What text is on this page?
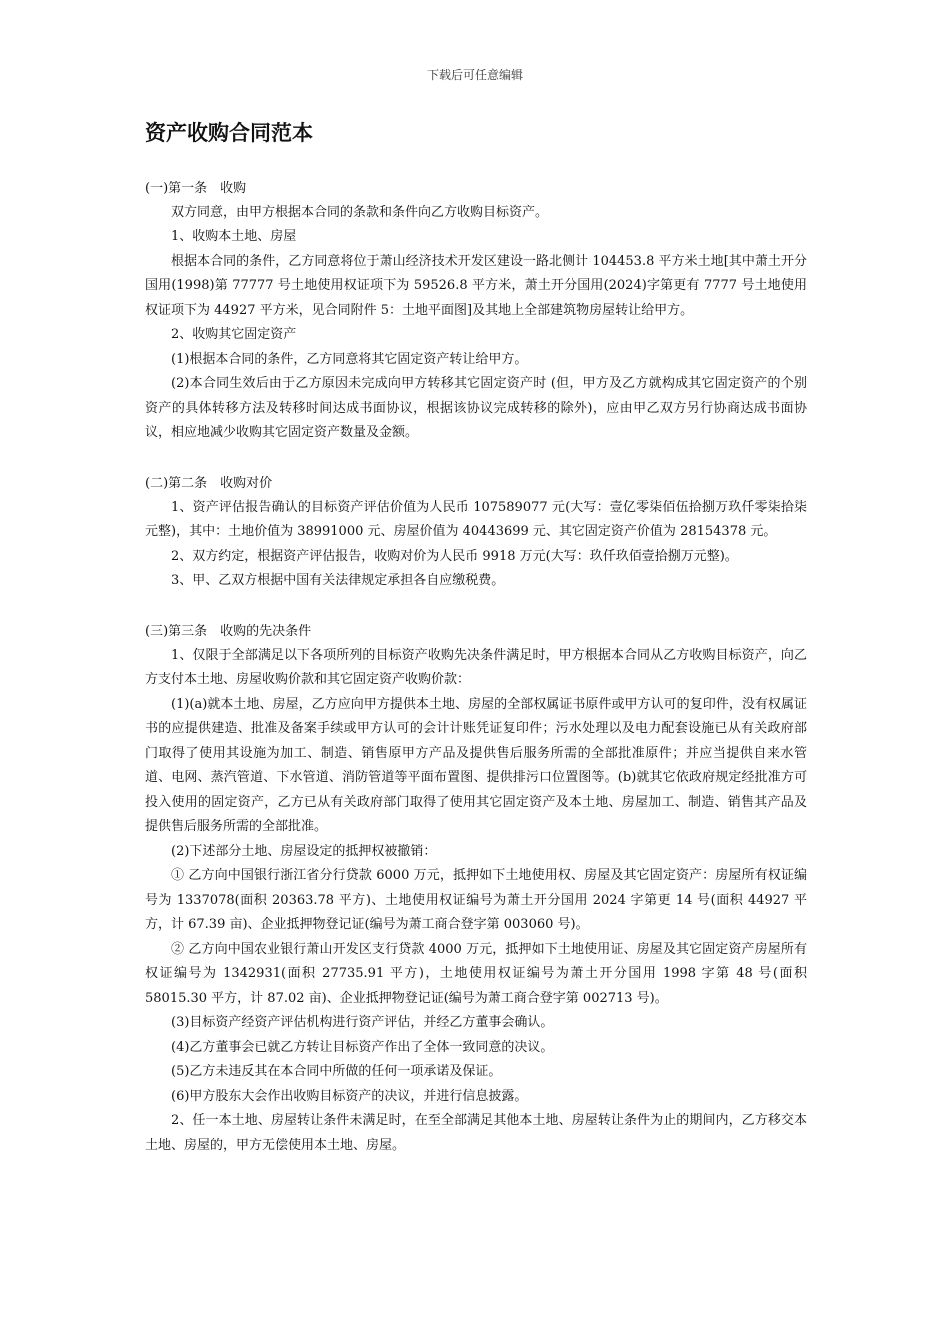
下载后可任意编辑
资产收购合同范本

(一)第一条　收购

双方同意，由甲方根据本合同的条款和条件向乙方收购目标资产。

1、收购本土地、房屋

根据本合同的条件，乙方同意将位于萧山经济技术开发区建设一路北侧计 104453.8 平方米土地[其中萧土开分国用(1998)第 77777 号土地使用权证项下为 59526.8 平方米，萧土开分国用(2024)字第更有 7777 号土地使用权证项下为 44927 平方米，见合同附件 5：土地平面图]及其地上全部建筑物房屋转让给甲方。

2、收购其它固定资产

(1)根据本合同的条件，乙方同意将其它固定资产转让给甲方。

(2)本合同生效后由于乙方原因未完成向甲方转移其它固定资产时 (但，甲方及乙方就构成其它固定资产的个别资产的具体转移方法及转移时间达成书面协议，根据该协议完成转移的除外)，应由甲乙双方另行协商达成书面协议，相应地减少收购其它固定资产数量及金额。

(二)第二条　收购对价

1、资产评估报告确认的目标资产评估价值为人民币 107589077 元(大写：壹亿零柒佰伍拾捌万玖仟零柒拾柒元整)，其中：土地价值为 38991000 元、房屋价值为 40443699 元、其它固定资产价值为 28154378 元。

2、双方约定，根据资产评估报告，收购对价为人民币 9918 万元(大写：玖仟玖佰壹拾捌万元整)。

3、甲、乙双方根据中国有关法律规定承担各自应缴税费。

(三)第三条　收购的先决条件

1、仅限于全部满足以下各项所列的目标资产收购先决条件满足时，甲方根据本合同从乙方收购目标资产，向乙方支付本土地、房屋收购价款和其它固定资产收购价款：

(1)(a)就本土地、房屋，乙方应向甲方提供本土地、房屋的全部权属证书原件或甲方认可的复印件，没有权属证书的应提供建造、批准及备案手续或甲方认可的会计计账凭证复印件；污水处理以及电力配套设施已从有关政府部门取得了使用其设施为加工、制造、销售原甲方产品及提供售后服务所需的全部批准原件；并应当提供自来水管道、电网、蒸汽管道、下水管道、消防管道等平面布置图、提供排污口位置图等。(b)就其它依政府规定经批准方可投入使用的固定资产，乙方已从有关政府部门取得了使用其它固定资产及本土地、房屋加工、制造、销售其产品及提供售后服务所需的全部批准。

(2)下述部分土地、房屋设定的抵押权被撤销：

① 乙方向中国银行浙江省分行贷款 6000 万元，抵押如下土地使用权、房屋及其它固定资产：房屋所有权证编号为 1337078(面积 20363.78 平方)、土地使用权证编号为萧土开分国用 2024 字第更 14 号(面积 44927 平方，计 67.39 亩)、企业抵押物登记证(编号为萧工商合登字第 003060 号)。

② 乙方向中国农业银行萧山开发区支行贷款 4000 万元，抵押如下土地使用证、房屋及其它固定资产房屋所有权证编号为 1342931(面积 27735.91 平方)，土地使用权证编号为萧土开分国用 1998 字第 48 号(面积 58015.30 平方，计 87.02 亩)、企业抵押物登记证(编号为萧工商合登字第 002713 号)。

(3)目标资产经资产评估机构进行资产评估，并经乙方董事会确认。

(4)乙方董事会已就乙方转让目标资产作出了全体一致同意的决议。

(5)乙方未违反其在本合同中所做的任何一项承诺及保证。

(6)甲方股东大会作出收购目标资产的决议，并进行信息披露。

2、任一本土地、房屋转让条件未满足时，在至全部满足其他本土地、房屋转让条件为止的期间内，乙方移交本土地、房屋的，甲方无偿使用本土地、房屋。
